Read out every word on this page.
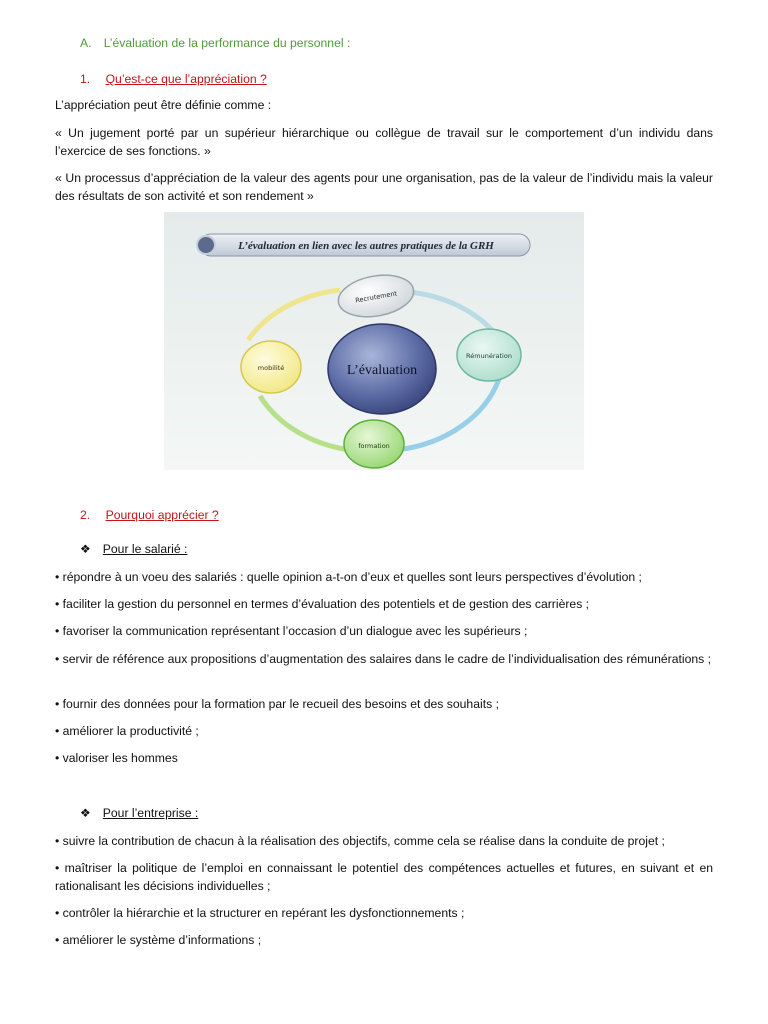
A. L’évaluation de la performance du personnel :
1. Qu’est-ce que l’appréciation ?
L’appréciation peut être définie comme :
« Un jugement porté par un supérieur hiérarchique ou collègue de travail sur le comportement d’un individu dans l’exercice de ses fonctions. »
« Un processus d’appréciation de la valeur des agents pour une organisation, pas de la valeur de l’individu mais la valeur des résultats de son activité et son rendement »
L’évaluation en lien avec les autres pratiques de la GRH
L’évaluation
Recrutement
Rémunération
formation
mobilité
2. Pourquoi apprécier ?
❖ Pour le salarié :
• répondre à un voeu des salariés : quelle opinion a-t-on d’eux et quelles sont leurs perspectives d’évolution ;
• faciliter la gestion du personnel en termes d’évaluation des potentiels et de gestion des carrières ;
• favoriser la communication représentant l’occasion d’un dialogue avec les supérieurs ;
• servir de référence aux propositions d’augmentation des salaires dans le cadre de l’individualisation des rémunérations ;
• fournir des données pour la formation par le recueil des besoins et des souhaits ;
• améliorer la productivité ;
• valoriser les hommes
❖ Pour l’entreprise :
• suivre la contribution de chacun à la réalisation des objectifs, comme cela se réalise dans la conduite de projet ;
• maîtriser la politique de l’emploi en connaissant le potentiel des compétences actuelles et futures, en suivant et en rationalisant les décisions individuelles ;
• contrôler la hiérarchie et la structurer en repérant les dysfonctionnements ;
• améliorer le système d’informations ;
